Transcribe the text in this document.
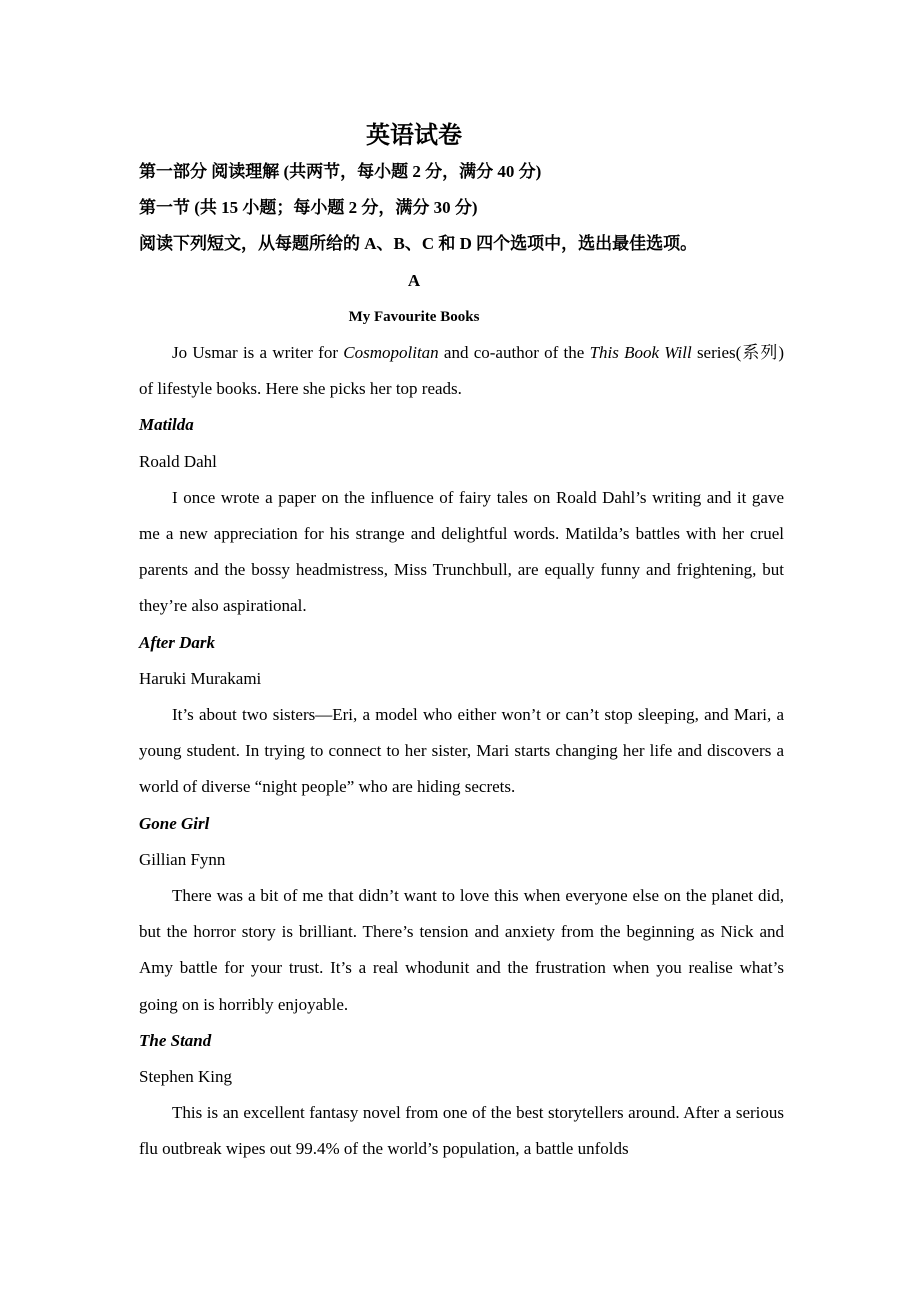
英语试卷
第一部分 阅读理解 (共两节，每小题 2 分，满分 40 分)
第一节 (共 15 小题；每小题 2 分，满分 30 分)
阅读下列短文，从每题所给的 A、B、C 和 D 四个选项中，选出最佳选项。
A
My Favourite Books

Jo Usmar is a writer for Cosmopolitan and co-author of the This Book Will series(系列) of lifestyle books. Here she picks her top reads.

Matilda
Roald Dahl

I once wrote a paper on the influence of fairy tales on Roald Dahl’s writing and it gave me a new appreciation for his strange and delightful words. Matilda’s battles with her cruel parents and the bossy headmistress, Miss Trunchbull, are equally funny and frightening, but they’re also aspirational.

After Dark
Haruki Murakami

It’s about two sisters—Eri, a model who either won’t or can’t stop sleeping, and Mari, a young student. In trying to connect to her sister, Mari starts changing her life and discovers a world of diverse “night people” who are hiding secrets.

Gone Girl
Gillian Fynn

There was a bit of me that didn’t want to love this when everyone else on the planet did, but the horror story is brilliant. There’s tension and anxiety from the beginning as Nick and Amy battle for your trust. It’s a real whodunit and the frustration when you realise what’s going on is horribly enjoyable.

The Stand
Stephen King

This is an excellent fantasy novel from one of the best storytellers around. After a serious flu outbreak wipes out 99.4% of the world’s population, a battle unfolds
